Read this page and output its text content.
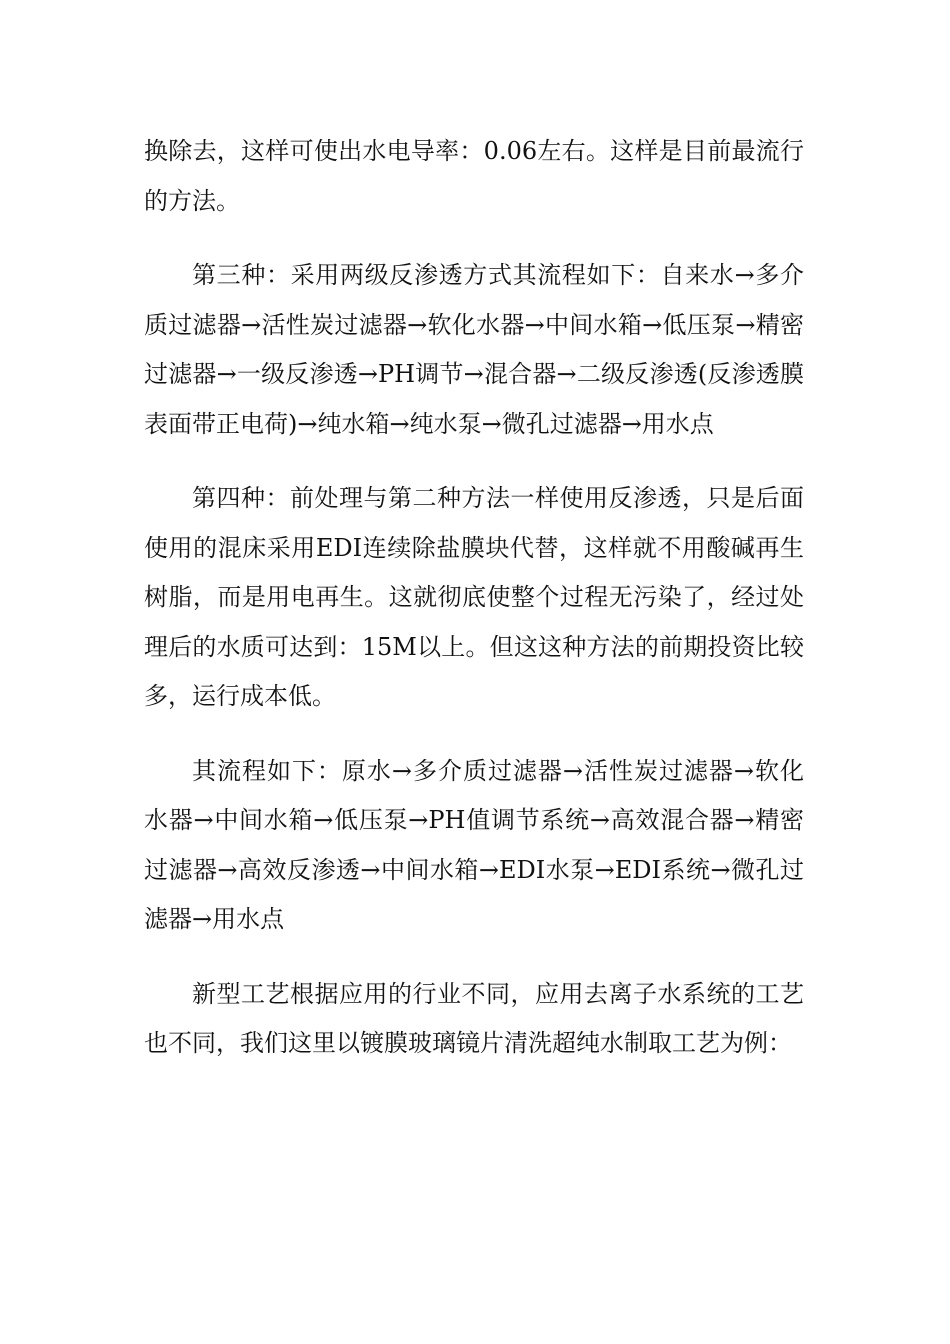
换除去，这样可使出水电导率：0.06左右。这样是目前最流行的方法。

第三种：采用两级反渗透方式其流程如下：自来水→多介质过滤器→活性炭过滤器→软化水器→中间水箱→低压泵→精密过滤器→一级反渗透→PH调节→混合器→二级反渗透(反渗透膜表面带正电荷)→纯水箱→纯水泵→微孔过滤器→用水点

第四种：前处理与第二种方法一样使用反渗透，只是后面使用的混床采用EDI连续除盐膜块代替，这样就不用酸碱再生树脂，而是用电再生。这就彻底使整个过程无污染了，经过处理后的水质可达到：15M以上。但这这种方法的前期投资比较多，运行成本低。

其流程如下：原水→多介质过滤器→活性炭过滤器→软化水器→中间水箱→低压泵→PH值调节系统→高效混合器→精密过滤器→高效反渗透→中间水箱→EDI水泵→EDI系统→微孔过滤器→用水点

新型工艺根据应用的行业不同，应用去离子水系统的工艺也不同，我们这里以镀膜玻璃镜片清洗超纯水制取工艺为例：
